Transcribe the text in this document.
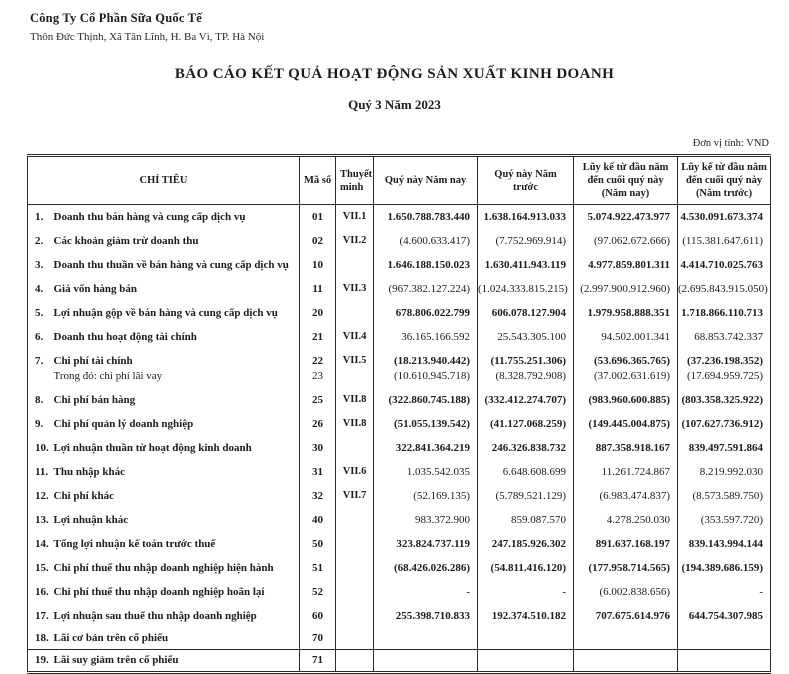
Công Ty Cổ Phần Sữa Quốc Tế
Thôn Đức Thịnh, Xã Tân Lĩnh, H. Ba Vì, TP. Hà Nội
BÁO CÁO KẾT QUẢ HOẠT ĐỘNG SẢN XUẤT KINH DOANH
Quý 3 Năm 2023
Đơn vị tính: VND
CHỈ TIÊU		Mã số	Thuyết minh	Quý này Năm nay	Quý này Năm trước	Lũy kế từ đầu năm đến cuối quý này (Năm nay)	Lũy kế từ đầu năm đến cuối quý này (Năm trước)
1.	Doanh thu bán hàng và cung cấp dịch vụ	01	VII.1	1.650.788.783.440	1.638.164.913.033	5.074.922.473.977	4.530.091.673.374
2.	Các khoản giảm trừ doanh thu	02	VII.2	(4.600.633.417)	(7.752.969.914)	(97.062.672.666)	(115.381.647.611)
3.	Doanh thu thuần về bán hàng và cung cấp dịch vụ	10		1.646.188.150.023	1.630.411.943.119	4.977.859.801.311	4.414.710.025.763
4.	Giá vốn hàng bán	11	VII.3	(967.382.127.224)	(1.024.333.815.215)	(2.997.900.912.960)	(2.695.843.915.050)
5.	Lợi nhuận gộp về bán hàng và cung cấp dịch vụ	20		678.806.022.799	606.078.127.904	1.979.958.888.351	1.718.866.110.713
6.	Doanh thu hoạt động tài chính	21	VII.4	36.165.166.592	25.543.305.100	94.502.001.341	68.853.742.337
7.	Chi phí tài chính	22	VII.5	(18.213.940.442)	(11.755.251.306)	(53.696.365.765)	(37.236.198.352)
	Trong đó: chi phí lãi vay	23		(10.610.945.718)	(8.328.792.908)	(37.002.631.619)	(17.694.959.725)
8.	Chi phí bán hàng	25	VII.8	(322.860.745.188)	(332.412.274.707)	(983.960.600.885)	(803.358.325.922)
9.	Chi phí quản lý doanh nghiệp	26	VII.8	(51.055.139.542)	(41.127.068.259)	(149.445.004.875)	(107.627.736.912)
10.	Lợi nhuận thuần từ hoạt động kinh doanh	30		322.841.364.219	246.326.838.732	887.358.918.167	839.497.591.864
11.	Thu nhập khác	31	VII.6	1.035.542.035	6.648.608.699	11.261.724.867	8.219.992.030
12.	Chi phí khác	32	VII.7	(52.169.135)	(5.789.521.129)	(6.983.474.837)	(8.573.589.750)
13.	Lợi nhuận khác	40		983.372.900	859.087.570	4.278.250.030	(353.597.720)
14.	Tổng lợi nhuận kế toán trước thuế	50		323.824.737.119	247.185.926.302	891.637.168.197	839.143.994.144
15.	Chi phí thuế thu nhập doanh nghiệp hiện hành	51		(68.426.026.286)	(54.811.416.120)	(177.958.714.565)	(194.389.686.159)
16.	Chi phí thuế thu nhập doanh nghiệp hoãn lại	52		-	-	(6.002.838.656)	-
17.	Lợi nhuận sau thuế thu nhập doanh nghiệp	60		255.398.710.833	192.374.510.182	707.675.614.976	644.754.307.985
18.	Lãi cơ bản trên cổ phiếu	70					
19.	Lãi suy giảm trên cổ phiếu	71					
